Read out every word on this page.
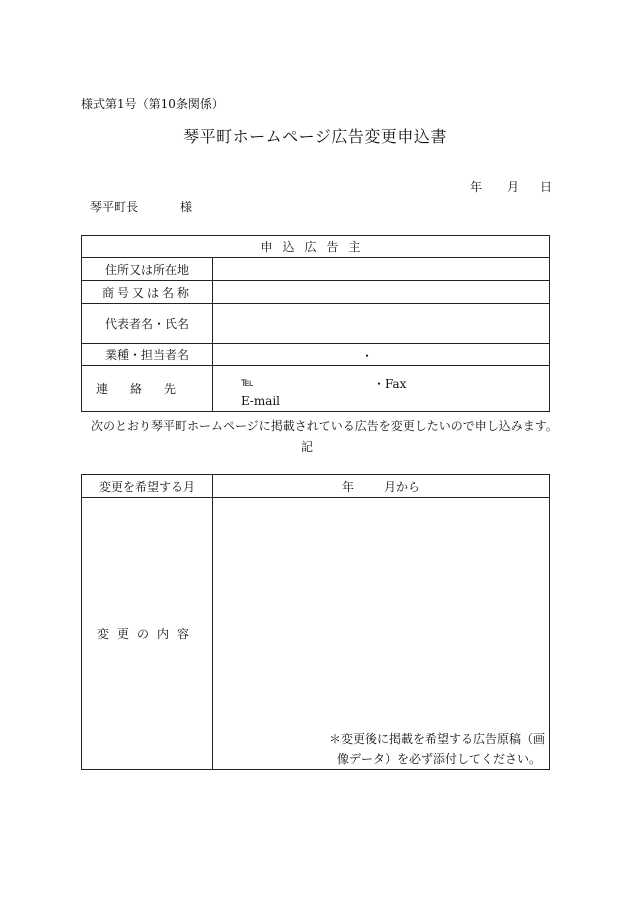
様式第1号（第10条関係）
琴平町ホームページ広告変更申込書
年 月 日
琴平町長	様
申込広告主	
住所又は所在地	
商号又は名称	
代表者名・氏名	
業種・担当者名	・

連絡先	℡ ・Fax
E‐mail
次のとおり琴平町ホームページに掲載されている広告を変更したいので申し込みます。
記
変更を希望する月	年 月から
変更の内容	＊変更後に掲載を希望する広告原稿（画
像データ）を必ず添付してください。
